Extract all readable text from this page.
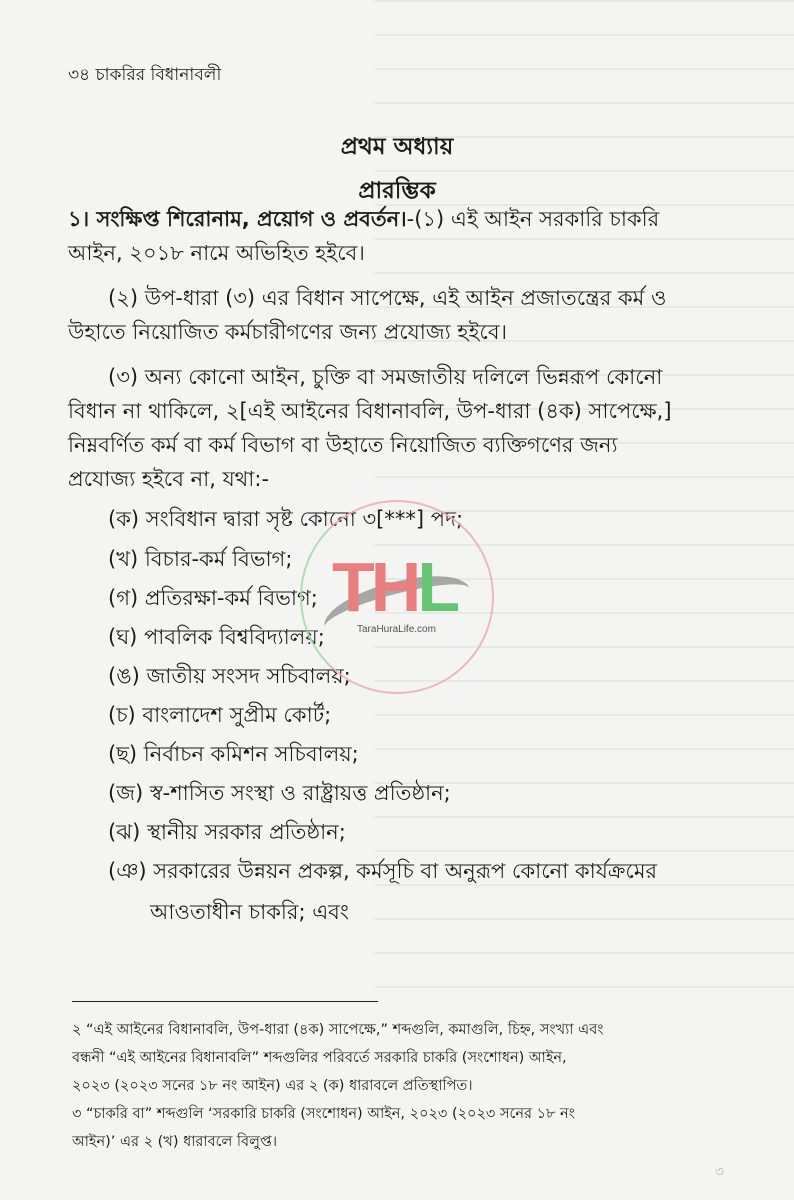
৩৪ চাকরির বিধানাবলী
প্রথম অধ্যায়
প্রারম্ভিক
১। সংক্ষিপ্ত শিরোনাম, প্রয়োগ ও প্রবর্তন।-(১) এই আইন সরকারি চাকরি
আইন, ২০১৮ নামে অভিহিত হইবে।
(২) উপ-ধারা (৩) এর বিধান সাপেক্ষে, এই আইন প্রজাতন্ত্রের কর্ম ও
উহাতে নিয়োজিত কর্মচারীগণের জন্য প্রযোজ্য হইবে।
(৩) অন্য কোনো আইন, চুক্তি বা সমজাতীয় দলিলে ভিন্নরূপ কোনো
বিধান না থাকিলে, ২[এই আইনের বিধানাবলি, উপ-ধারা (৪ক) সাপেক্ষে,]
নিম্নবর্ণিত কর্ম বা কর্ম বিভাগ বা উহাতে নিয়োজিত ব্যক্তিগণের জন্য
প্রযোজ্য হইবে না, যথা:-
(ক) সংবিধান দ্বারা সৃষ্ট কোনো ৩[***] পদ;
(খ) বিচার-কর্ম বিভাগ;
(গ) প্রতিরক্ষা-কর্ম বিভাগ;
(ঘ) পাবলিক বিশ্ববিদ্যালয়;
(ঙ) জাতীয় সংসদ সচিবালয়;
(চ) বাংলাদেশ সুপ্রীম কোর্ট;
(ছ) নির্বাচন কমিশন সচিবালয়;
(জ) স্ব-শাসিত সংস্থা ও রাষ্ট্রায়ত্ত প্রতিষ্ঠান;
(ঝ) স্থানীয় সরকার প্রতিষ্ঠান;
(ঞ) সরকারের উন্নয়ন প্রকল্প, কর্মসূচি বা অনুরূপ কোনো কার্যক্রমের
আওতাধীন চাকরি; এবং
২ “এই আইনের বিধানাবলি, উপ-ধারা (৪ক) সাপেক্ষে,” শব্দগুলি, কমাগুলি, চিহ্ন, সংখ্যা এবং
বন্ধনী “এই আইনের বিধানাবলি” শব্দগুলির পরিবর্তে সরকারি চাকরি (সংশোধন) আইন,
২০২৩ (২০২৩ সনের ১৮ নং আইন) এর ২ (ক) ধারাবলে প্রতিস্থাপিত।
৩ “চাকরি বা” শব্দগুলি ‘সরকারি চাকরি (সংশোধন) আইন, ২০২৩ (২০২৩ সনের ১৮ নং
আইন)’ এর ২ (খ) ধারাবলে বিলুপ্ত।
THL
TaraHuraLife.com
৩
